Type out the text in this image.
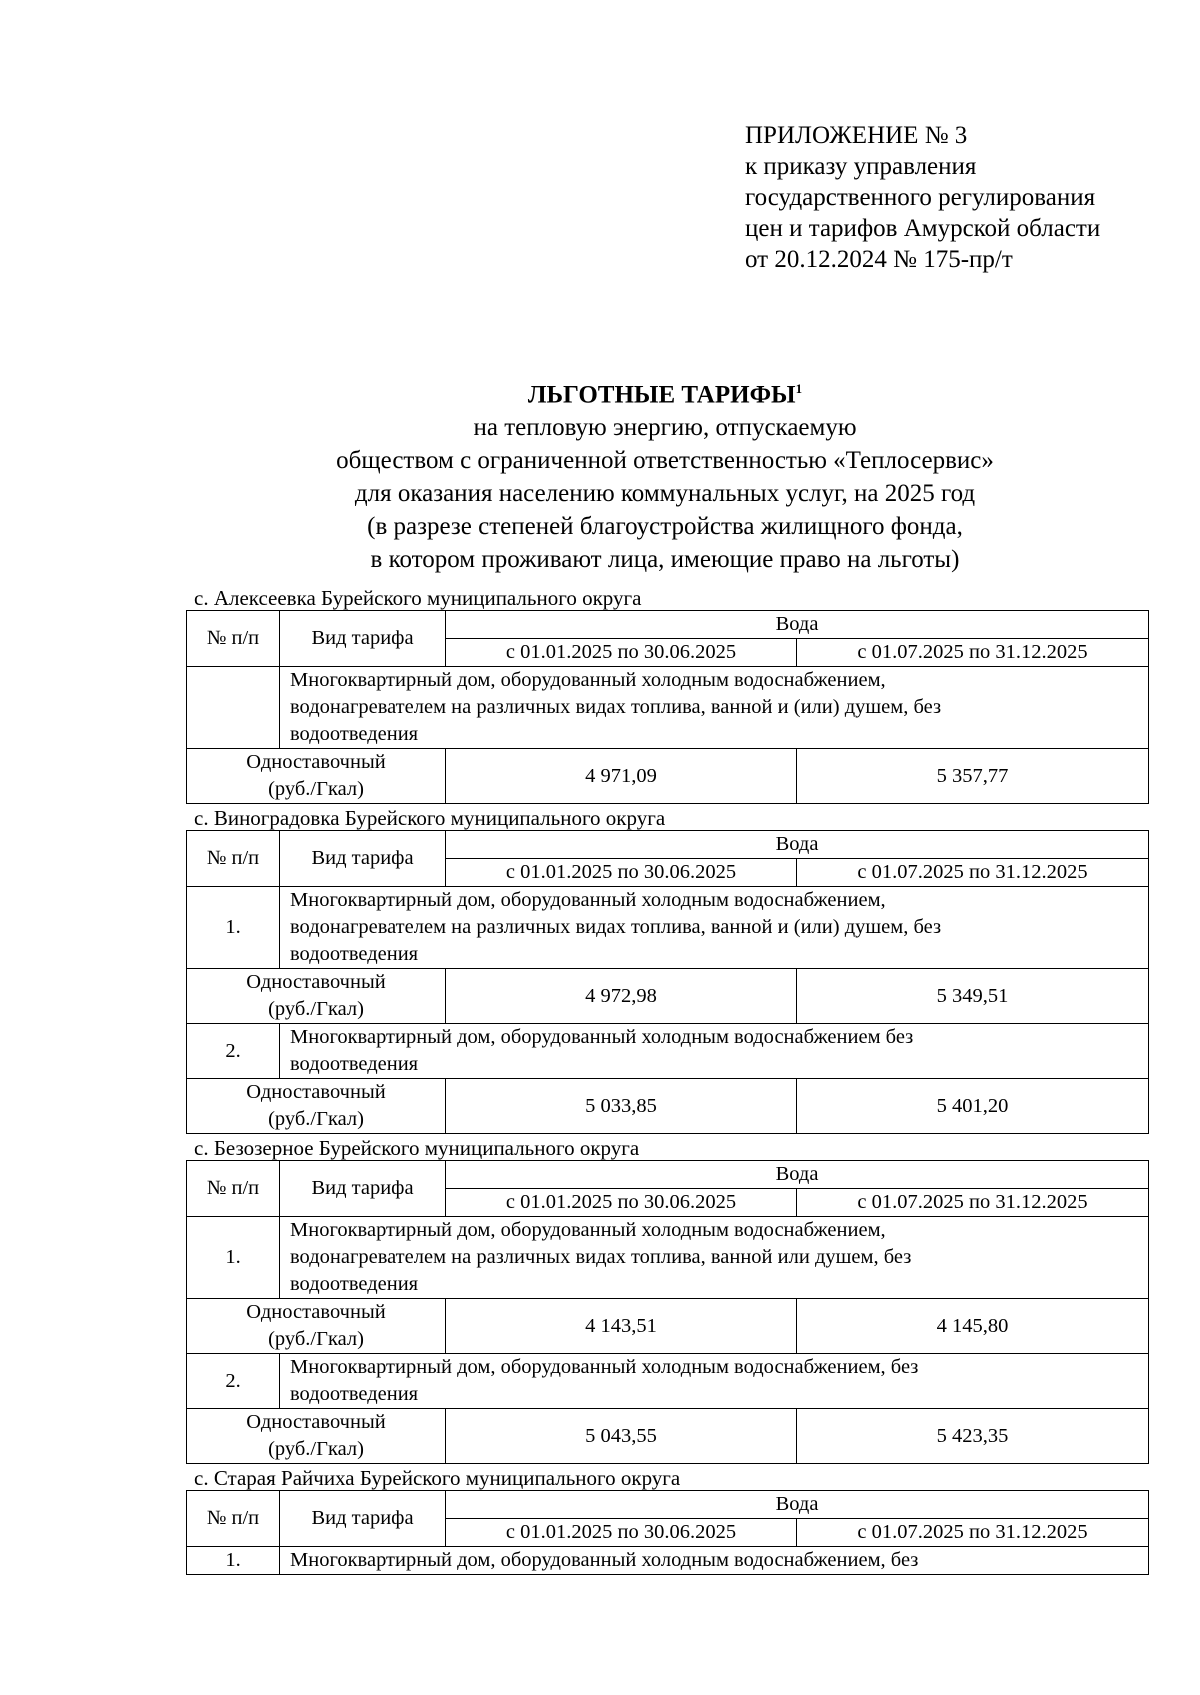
ПРИЛОЖЕНИЕ № 3
к приказу управления
государственного регулирования
цен и тарифов Амурской области
от 20.12.2024 № 175-пр/т
ЛЬГОТНЫЕ ТАРИФЫ$^1$
на тепловую энергию, отпускаемую
обществом с ограниченной ответственностью «Теплосервис»
для оказания населению коммунальных услуг, на 2025 год
(в разрезе степеней благоустройства жилищного фонда,
в котором проживают лица, имеющие право на льготы)
с. Алексеевка Бурейского муниципального округа
№ п/п	Вид тарифа	Вода	
		с 01.01.2025 по 30.06.2025	с 01.07.2025 по 31.12.2025

	Многоквартирный дом, оборудованный холодным водоснабжением,
водонагревателем на различных видах топлива, ванной и (или) душем, без
водоотведения		

Одноставочный
(руб./Гкал)		4 971,09	5 357,77
с. Виноградовка Бурейского муниципального округа
№ п/п	Вид тарифа	Вода	
		с 01.01.2025 по 30.06.2025	с 01.07.2025 по 31.12.2025
1.	Многоквартирный дом, оборудованный холодным водоснабжением,
водонагревателем на различных видах топлива, ванной и (или) душем, без
водоотведения		

Одноставочный
(руб./Гкал)		4 972,98	5 349,51
2.	Многоквартирный дом, оборудованный холодным водоснабжением без
водоотведения		

Одноставочный
(руб./Гкал)		5 033,85	5 401,20
с. Безозерное Бурейского муниципального округа
№ п/п	Вид тарифа	Вода	
		с 01.01.2025 по 30.06.2025	с 01.07.2025 по 31.12.2025
1.	Многоквартирный дом, оборудованный холодным водоснабжением,
водонагревателем на различных видах топлива, ванной или душем, без
водоотведения		

Одноставочный
(руб./Гкал)		4 143,51	4 145,80
2.	Многоквартирный дом, оборудованный холодным водоснабжением, без
водоотведения		

Одноставочный
(руб./Гкал)		5 043,55	5 423,35
с. Старая Райчиха Бурейского муниципального округа
№ п/п	Вид тарифа	Вода	
		с 01.01.2025 по 30.06.2025	с 01.07.2025 по 31.12.2025
1.	Многоквартирный дом, оборудованный холодным водоснабжением, без		
